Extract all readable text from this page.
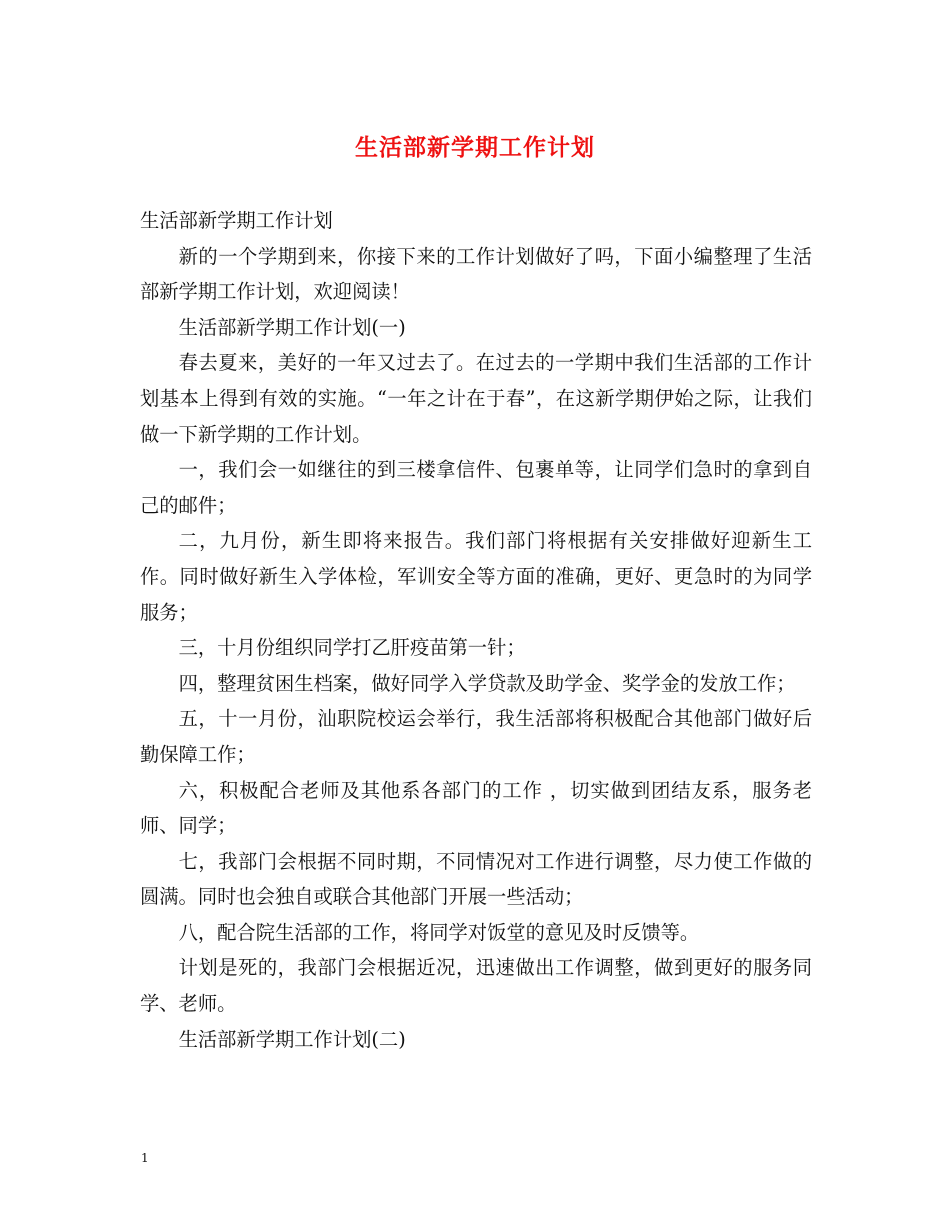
生活部新学期工作计划

生活部新学期工作计划

新的一个学期到来，你接下来的工作计划做好了吗，下面小编整理了生活部新学期工作计划，欢迎阅读！

生活部新学期工作计划(一)

春去夏来，美好的一年又过去了。在过去的一学期中我们生活部的工作计划基本上得到有效的实施。“一年之计在于春”，在这新学期伊始之际，让我们做一下新学期的工作计划。

一，我们会一如继往的到三楼拿信件、包裹单等，让同学们急时的拿到自己的邮件；

二，九月份，新生即将来报告。我们部门将根据有关安排做好迎新生工作。同时做好新生入学体检，军训安全等方面的准确，更好、更急时的为同学服务；

三，十月份组织同学打乙肝疫苗第一针；

四，整理贫困生档案，做好同学入学贷款及助学金、奖学金的发放工作；

五，十一月份，汕职院校运会举行，我生活部将积极配合其他部门做好后勤保障工作；

六，积极配合老师及其他系各部门的工作 ，切实做到团结友系，服务老师、同学；

七，我部门会根据不同时期，不同情况对工作进行调整，尽力使工作做的圆满。同时也会独自或联合其他部门开展一些活动；

八，配合院生活部的工作，将同学对饭堂的意见及时反馈等。

计划是死的，我部门会根据近况，迅速做出工作调整，做到更好的服务同学、老师。

生活部新学期工作计划(二)

1
